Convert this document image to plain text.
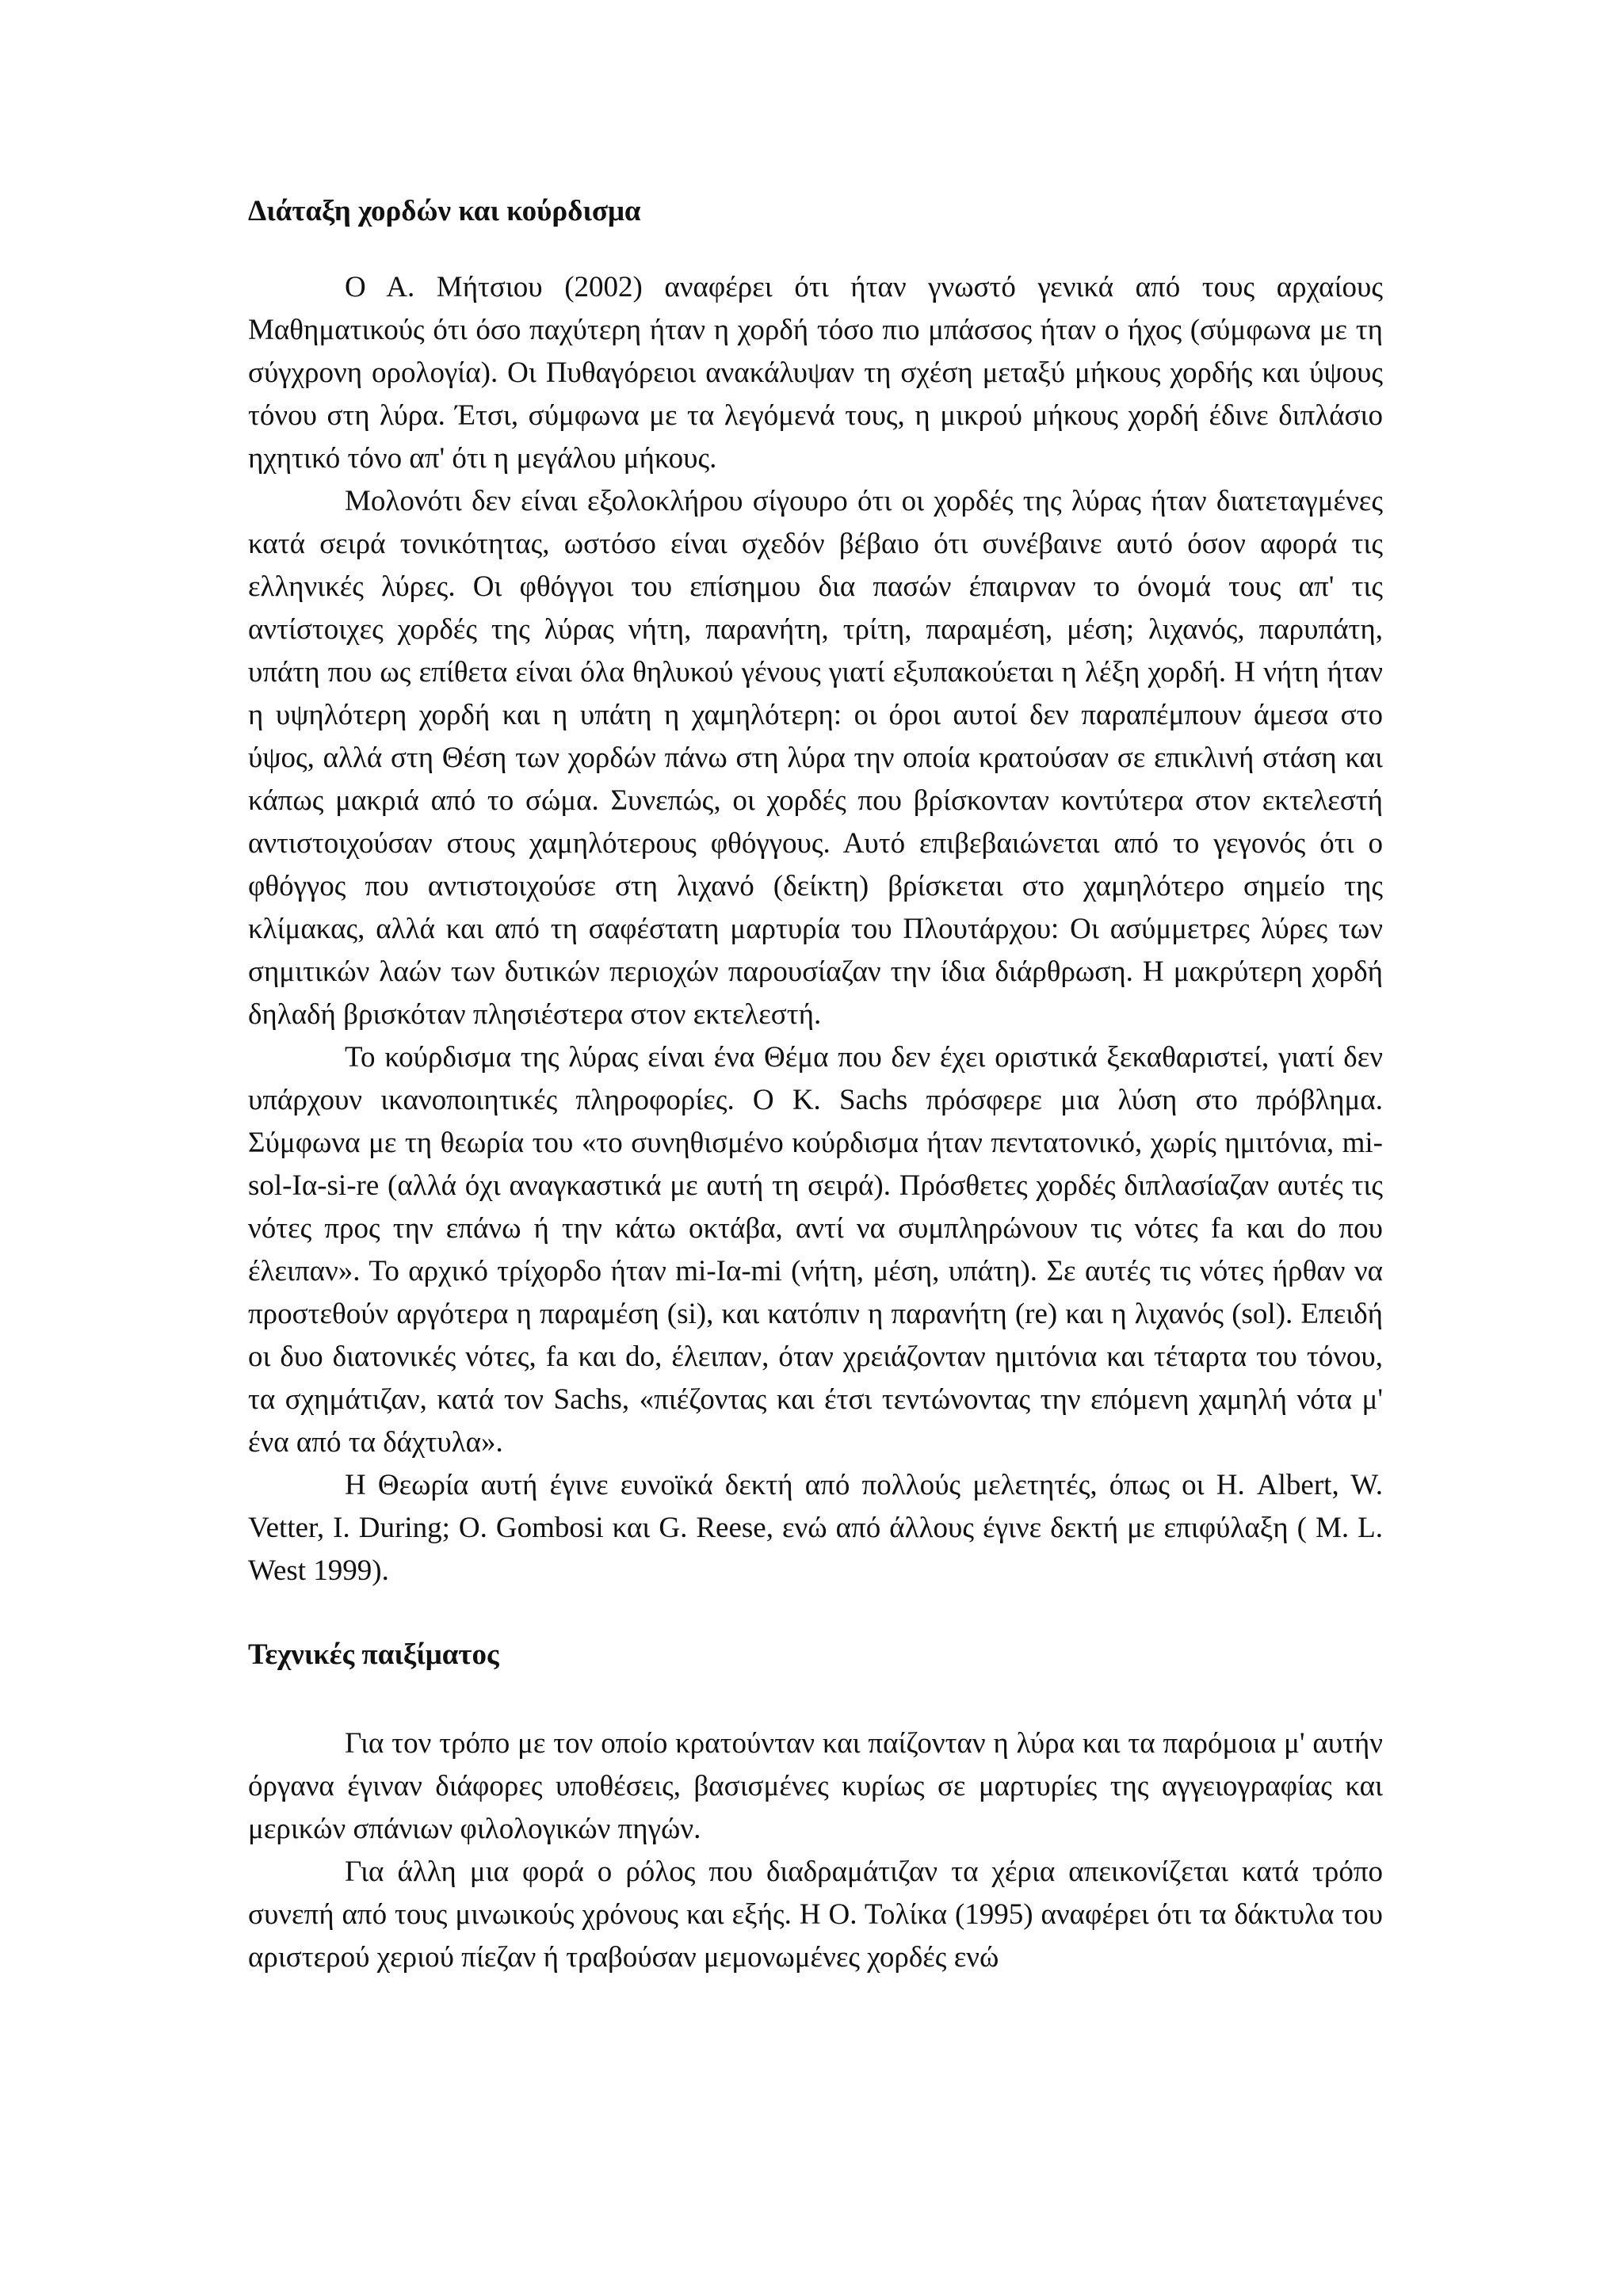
Διάταξη χορδών και κούρδισμα

Ο Α. Μήτσιου (2002) αναφέρει ότι ήταν γνωστό γενικά από τους αρχαίους Μαθηματικούς ότι όσο παχύτερη ήταν η χορδή τόσο πιο μπάσσος ήταν ο ήχος (σύμφωνα με τη σύγχρονη ορολογία). Οι Πυθαγόρειοι ανακάλυψαν τη σχέση μεταξύ μήκους χορδής και ύψους τόνου στη λύρα. Έτσι, σύμφωνα με τα λεγόμενά τους, η μικρού μήκους χορδή έδινε διπλάσιο ηχητικό τόνο απ' ότι η μεγάλου μήκους.

Μολονότι δεν είναι εξολοκλήρου σίγουρο ότι οι χορδές της λύρας ήταν διατεταγμένες κατά σειρά τονικότητας, ωστόσο είναι σχεδόν βέβαιο ότι συνέβαινε αυτό όσον αφορά τις ελληνικές λύρες. Οι φθόγγοι του επίσημου δια πασών έπαιρναν το όνομά τους απ' τις αντίστοιχες χορδές της λύρας νήτη, παρανήτη, τρίτη, παραμέση, μέση; λιχανός, παρυπάτη, υπάτη που ως επίθετα είναι όλα θηλυκού γένους γιατί εξυπακούεται η λέξη χορδή. Η νήτη ήταν η υψηλότερη χορδή και η υπάτη η χαμηλότερη: οι όροι αυτοί δεν παραπέμπουν άμεσα στο ύψος, αλλά στη Θέση των χορδών πάνω στη λύρα την οποία κρατούσαν σε επικλινή στάση και κάπως μακριά από το σώμα. Συνεπώς, οι χορδές που βρίσκονταν κοντύτερα στον εκτελεστή αντιστοιχούσαν στους χαμηλότερους φθόγγους. Αυτό επιβεβαιώνεται από το γεγονός ότι ο φθόγγος που αντιστοιχούσε στη λιχανό (δείκτη) βρίσκεται στο χαμηλότερο σημείο της κλίμακας, αλλά και από τη σαφέστατη μαρτυρία του Πλουτάρχου: Οι ασύμμετρες λύρες των σημιτικών λαών των δυτικών περιοχών παρουσίαζαν την ίδια διάρθρωση. Η μακρύτερη χορδή δηλαδή βρισκόταν πλησιέστερα στον εκτελεστή.

Το κούρδισμα της λύρας είναι ένα Θέμα που δεν έχει οριστικά ξεκαθαριστεί, γιατί δεν υπάρχουν ικανοποιητικές πληροφορίες. Ο Κ. Sachs πρόσφερε μια λύση στο πρόβλημα. Σύμφωνα με τη θεωρία του «το συνηθισμένο κούρδισμα ήταν πεντατονικό, χωρίς ημιτόνια, mi-sol-Ια-si-re (αλλά όχι αναγκαστικά με αυτή τη σειρά). Πρόσθετες χορδές διπλασίαζαν αυτές τις νότες προς την επάνω ή την κάτω οκτάβα, αντί να συμπληρώνουν τις νότες fa και do που έλειπαν». Το αρχικό τρίχορδο ήταν mi-Ια-mi (νήτη, μέση, υπάτη). Σε αυτές τις νότες ήρθαν να προστεθούν αργότερα η παραμέση (si), και κατόπιν η παρανήτη (re) και η λιχανός (sol). Επειδή οι δυο διατονικές νότες, fa και do, έλειπαν, όταν χρειάζονταν ημιτόνια και τέταρτα του τόνου, τα σχημάτιζαν, κατά τον Sachs, «πιέζοντας και έτσι τεντώνοντας την επόμενη χαμηλή νότα μ' ένα από τα δάχτυλα».

Η Θεωρία αυτή έγινε ευνοϊκά δεκτή από πολλούς μελετητές, όπως οι Η. Albert, W. Vetter, I. During; O. Gombosi και G. Reese, ενώ από άλλους έγινε δεκτή με επιφύλαξη ( M. L. West 1999).

Τεχνικές παιξίματος

Για τον τρόπο με τον οποίο κρατούνταν και παίζονταν η λύρα και τα παρόμοια μ' αυτήν όργανα έγιναν διάφορες υποθέσεις, βασισμένες κυρίως σε μαρτυρίες της αγγειογραφίας και μερικών σπάνιων φιλολογικών πηγών.

Για άλλη μια φορά ο ρόλος που διαδραμάτιζαν τα χέρια απεικονίζεται κατά τρόπο συνεπή από τους μινωικούς χρόνους και εξής. Η Ο. Τολίκα (1995) αναφέρει ότι τα δάκτυλα του αριστερού χεριού πίεζαν ή τραβούσαν μεμονωμένες χορδές ενώ
